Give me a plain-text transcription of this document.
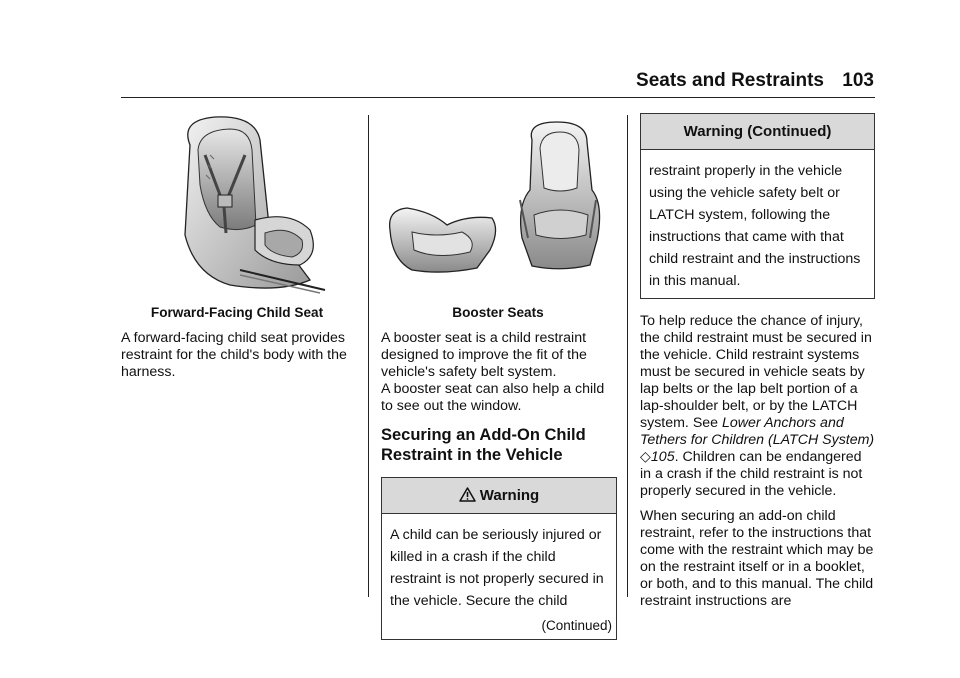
Seats and Restraints 103
Forward-Facing Child Seat

A forward-facing child seat provides restraint for the child's body with the harness.

Booster Seats
A booster seat is a child restraint designed to improve the fit of the vehicle's safety belt system.

A booster seat can also help a child to see out the window.

Securing an Add-On Child Restraint in the Vehicle
Warning
A child can be seriously injured or killed in a crash if the child restraint is not properly secured in the vehicle. Secure the child
(Continued)
Warning (Continued)
restraint properly in the vehicle using the vehicle safety belt or LATCH system, following the instructions that came with that child restraint and the instructions in this manual.

To help reduce the chance of injury, the child restraint must be secured in the vehicle. Child restraint systems must be secured in vehicle seats by lap belts or the lap belt portion of a lap-shoulder belt, or by the LATCH system. See Lower Anchors and Tethers for Children (LATCH System) ◇105. Children can be endangered in a crash if the child restraint is not properly secured in the vehicle.

When securing an add-on child restraint, refer to the instructions that come with the restraint which may be on the restraint itself or in a booklet, or both, and to this manual. The child restraint instructions are
